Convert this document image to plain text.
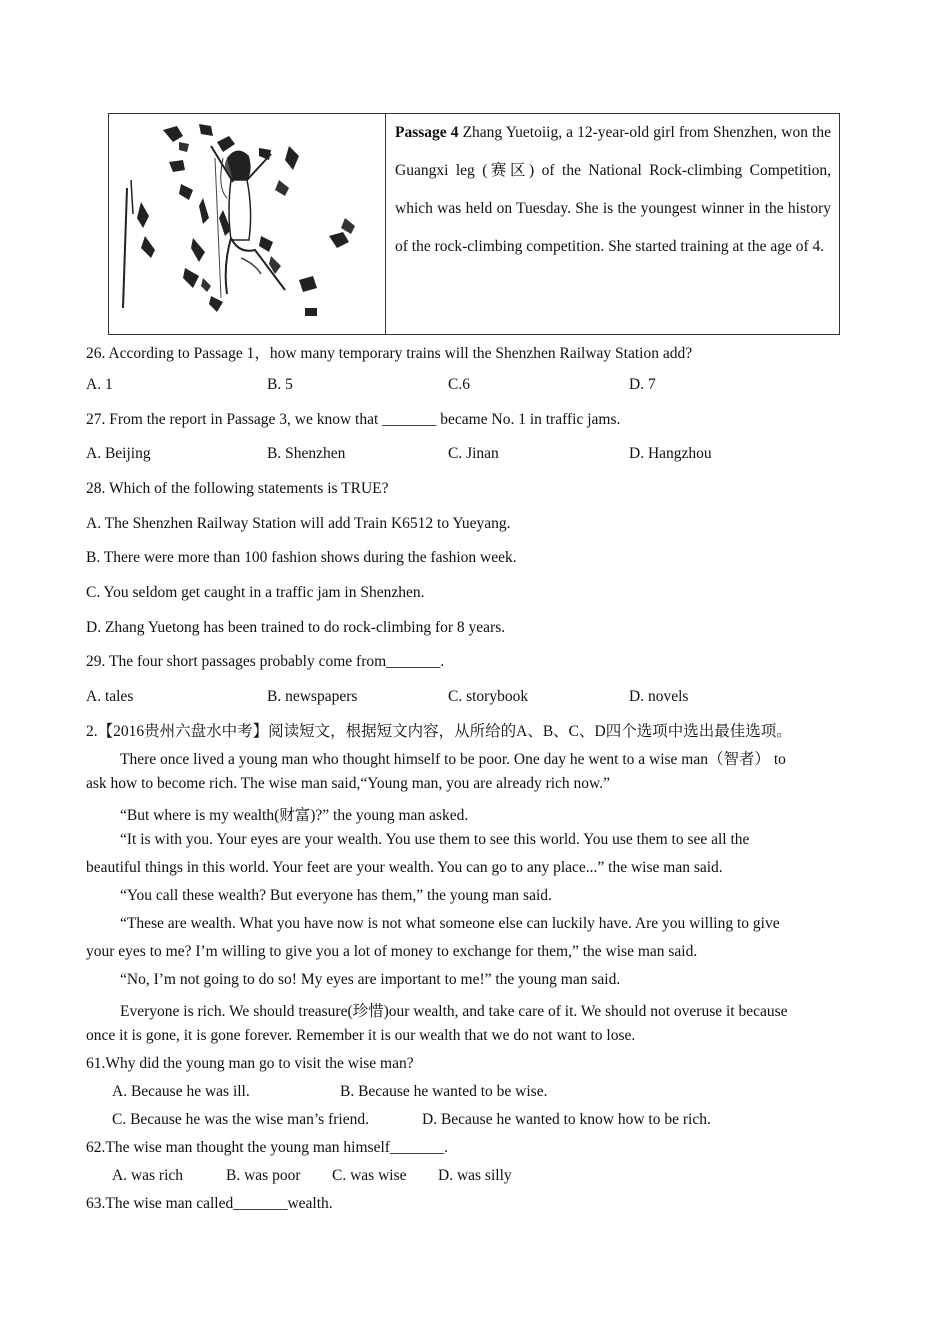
Passage 4 Zhang Yuetoiig, a 12-year-old girl from Shenzhen, won the Guangxi leg (赛区) of the National Rock-climbing Competition, which was held on Tuesday. She is the youngest winner in the history of the rock-climbing competition. She started training at the age of 4.
26. According to Passage 1，how many temporary trains will the Shenzhen Railway Station add?
A. 1	B. 5	C.6	D. 7
27. From the report in Passage 3, we know that _______ became No. 1 in traffic jams.
A. Beijing	B. Shenzhen	C. Jinan	D. Hangzhou
28. Which of the following statements is TRUE?
A. The Shenzhen Railway Station will add Train K6512 to Yueyang.
B. There were more than 100 fashion shows during the fashion week.
C. You seldom get caught in a traffic jam in Shenzhen.
D. Zhang Yuetong has been trained to do rock-climbing for 8 years.
29. The four short passages probably come from_______.
A. tales	B. newspapers	C. storybook	D. novels
2.【2016贵州六盘水中考】阅读短文，根据短文内容，从所给的A、B、C、D四个选项中选出最佳选项。
There once lived a young man who thought himself to be poor. One day he went to a wise man（智者） to
ask how to become rich. The wise man said,“Young man, you are already rich now.”
“But where is my wealth(财富)?” the young man asked.
“It is with you. Your eyes are your wealth. You use them to see this world. You use them to see all the
beautiful things in this world. Your feet are your wealth. You can go to any place...” the wise man said.
“You call these wealth? But everyone has them,” the young man said.
“These are wealth. What you have now is not what someone else can luckily have. Are you willing to give
your eyes to me? I’m willing to give you a lot of money to exchange for them,” the wise man said.
“No, I’m not going to do so! My eyes are important to me!” the young man said.
Everyone is rich. We should treasure(珍惜)our wealth, and take care of it. We should not overuse it because
once it is gone, it is gone forever. Remember it is our wealth that we do not want to lose.
61.Why did the young man go to visit the wise man?
A. Because he was ill.	B. Because he wanted to be wise.
C. Because he was the wise man’s friend.	D. Because he wanted to know how to be rich.
62.The wise man thought the young man himself_______.
A. was rich	B. was poor C. was wise D. was silly
63.The wise man called_______wealth.
